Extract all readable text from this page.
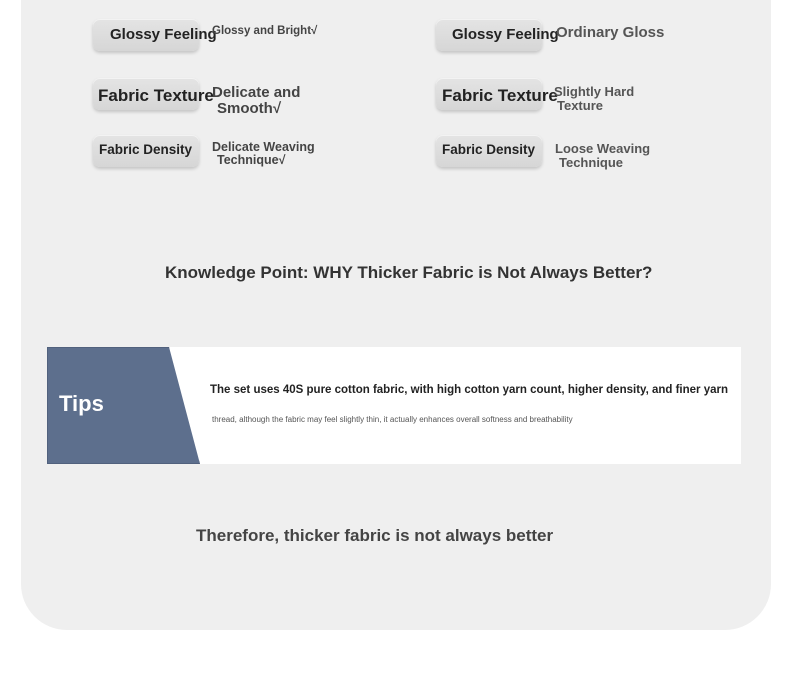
Glossy Feeling
Glossy and Bright√
Fabric Texture
Delicate and
Smooth√
Fabric Density Delicate Weaving
Technique√
Glossy Feeling
Ordinary Gloss
Fabric Texture
Slightly Hard
Texture
Fabric Density Loose Weaving
Technique
Knowledge Point: WHY Thicker Fabric is Not Always Better?
Tips
The set uses 40S pure cotton fabric, with high cotton yarn count, higher density, and finer yarn
thread, although the fabric may feel slightly thin, it actually enhances overall softness and breathability
Therefore, thicker fabric is not always better
